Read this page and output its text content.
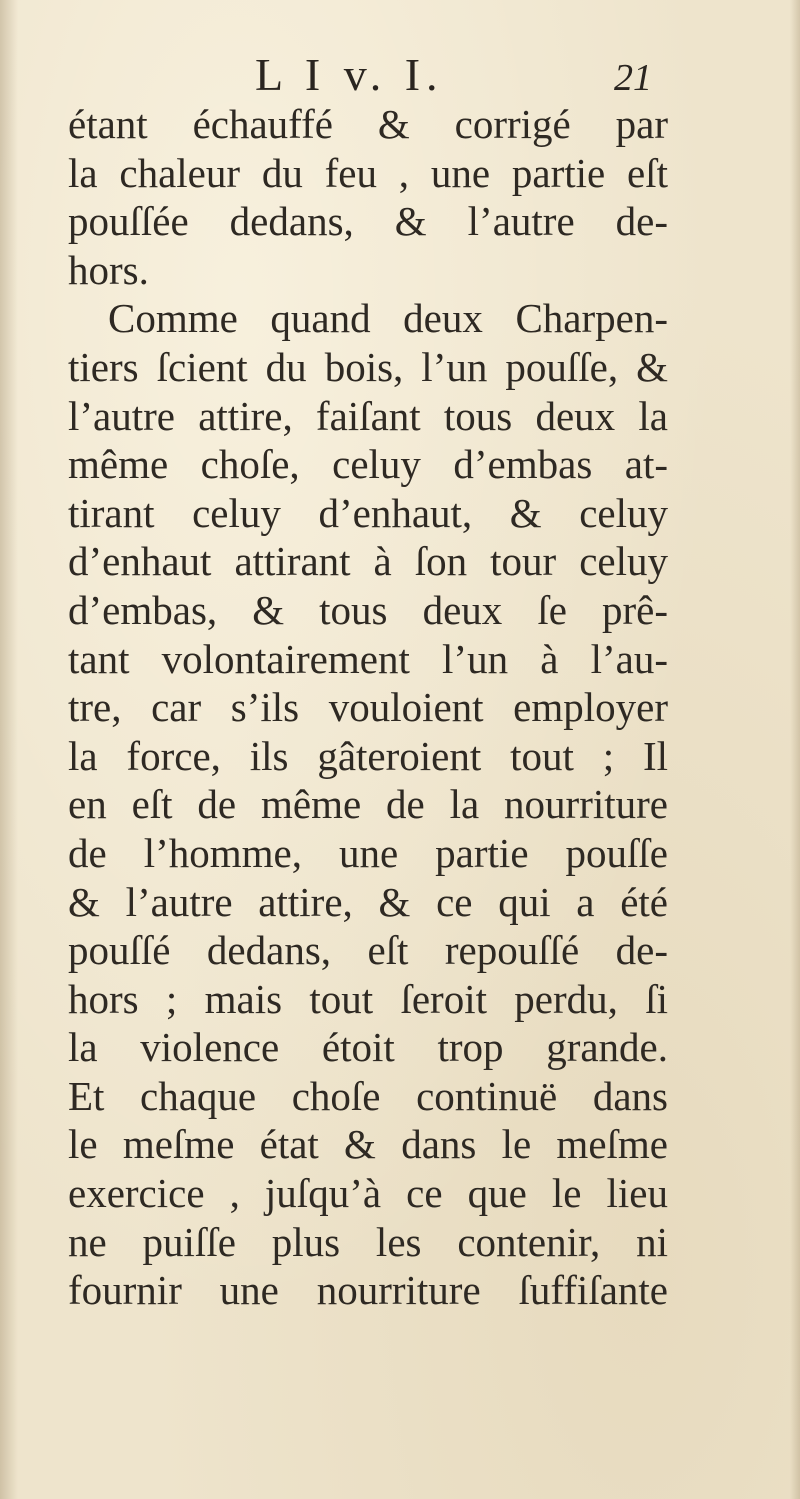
L I v. I.	21
étant échauffé & corrigé par
la chaleur du feu , une partie eſt
pouſſée dedans, & l’autre de-
hors.
Comme quand deux Charpen-
tiers ſcient du bois, l’un pouſſe, &
l’autre attire, faiſant tous deux la
même choſe, celuy d’embas at-
tirant celuy d’enhaut, & celuy
d’enhaut attirant à ſon tour celuy
d’embas, & tous deux ſe prê-
tant volontairement l’un à l’au-
tre, car s’ils vouloient employer
la force, ils gâteroient tout ; Il
en eſt de même de la nourriture
de l’homme, une partie pouſſe
& l’autre attire, & ce qui a été
pouſſé dedans, eſt repouſſé de-
hors ; mais tout ſeroit perdu, ſi
la violence étoit trop grande.
Et chaque choſe continuë dans
le meſme état & dans le meſme
exercice , juſqu’à ce que le lieu
ne puiſſe plus les contenir, ni
fournir une nourriture ſuffiſante
